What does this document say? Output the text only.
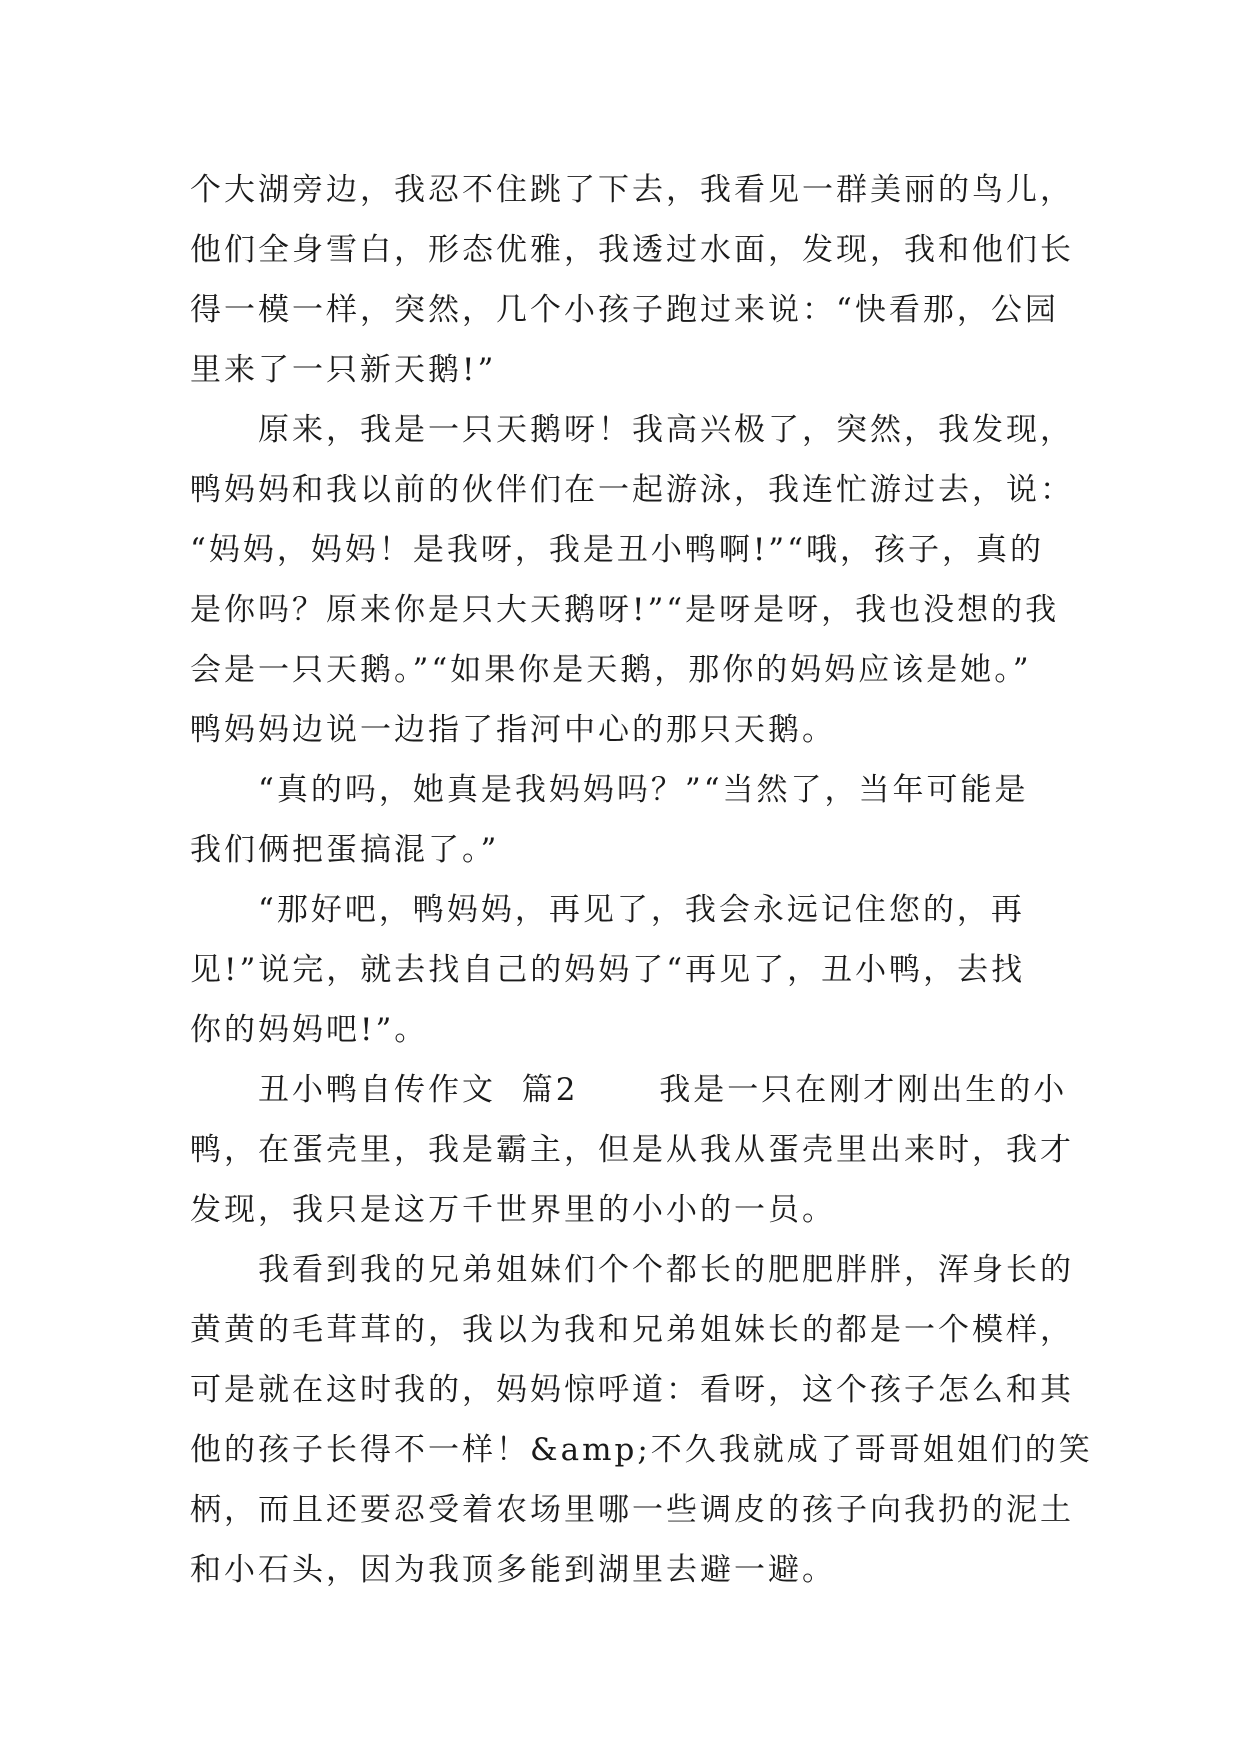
个大湖旁边，我忍不住跳了下去，我看见一群美丽的鸟儿，
他们全身雪白，形态优雅，我透过水面，发现，我和他们长
得一模一样，突然，几个小孩子跑过来说：“快看那，公园
里来了一只新天鹅!”
　　原来，我是一只天鹅呀！我高兴极了，突然，我发现，
鸭妈妈和我以前的伙伴们在一起游泳，我连忙游过去，说：
“妈妈，妈妈！是我呀，我是丑小鸭啊!”“哦，孩子，真的
是你吗？原来你是只大天鹅呀!”“是呀是呀，我也没想的我
会是一只天鹅。”“如果你是天鹅，那你的妈妈应该是她。”
鸭妈妈边说一边指了指河中心的那只天鹅。
　　“真的吗，她真是我妈妈吗？”“当然了，当年可能是
我们俩把蛋搞混了。”
　　“那好吧，鸭妈妈，再见了，我会永远记住您的，再
见!”说完，就去找自己的妈妈了“再见了，丑小鸭，去找
你的妈妈吧!”。
　　丑小鸭自传作文  篇2　　 我是一只在刚才刚出生的小
鸭，在蛋壳里，我是霸主，但是从我从蛋壳里出来时，我才
发现，我只是这万千世界里的小小的一员。
　　我看到我的兄弟姐妹们个个都长的肥肥胖胖，浑身长的
黄黄的毛茸茸的，我以为我和兄弟姐妹长的都是一个模样，
可是就在这时我的，妈妈惊呼道：看呀，这个孩子怎么和其
他的孩子长得不一样！&amp;不久我就成了哥哥姐姐们的笑
柄，而且还要忍受着农场里哪一些调皮的孩子向我扔的泥土
和小石头，因为我顶多能到湖里去避一避。
